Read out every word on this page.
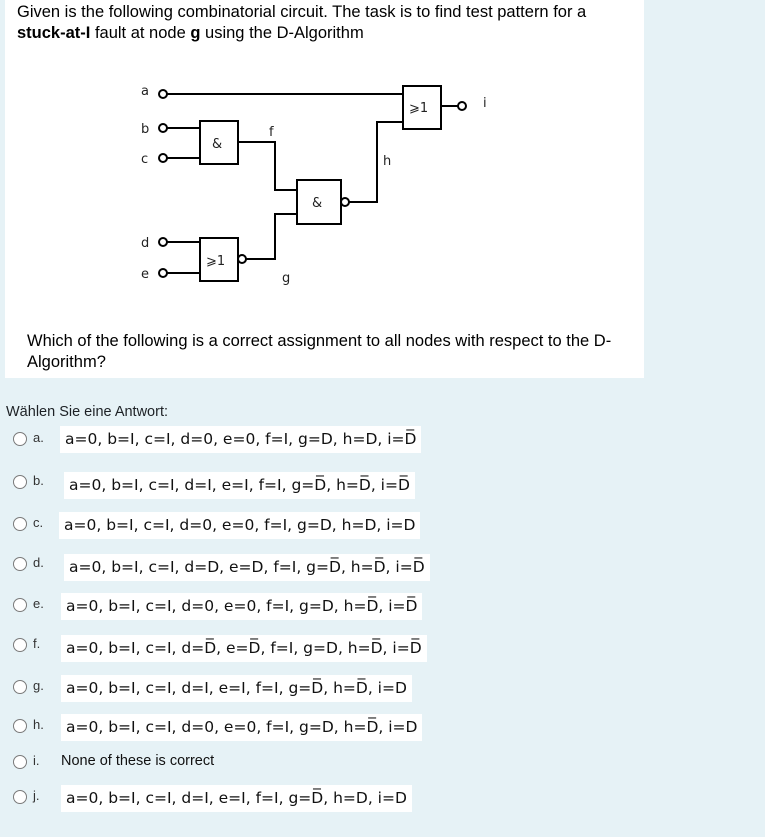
Given is the following combinatorial circuit. The task is to find test pattern for a stuck-at-I fault at node g using the D-Algorithm
a
b
c
d
e
f
g
h
i
&
&
⩾1
⩾1
Which of the following is a correct assignment to all nodes with respect to the D-Algorithm?
Wählen Sie eine Antwort:
a.	a=0, b=I, c=I, d=0, e=0, f=I, g=D, h=D, i=D̅
b.	a=0, b=I, c=I, d=I, e=I, f=I, g=D̅, h=D̅, i=D̅
c.	a=0, b=I, c=I, d=0, e=0, f=I, g=D, h=D, i=D
d.	a=0, b=I, c=I, d=D, e=D, f=I, g=D̅, h=D̅, i=D̅
e.	a=0, b=I, c=I, d=0, e=0, f=I, g=D, h=D̅, i=D̅
f.	a=0, b=I, c=I, d=D̅, e=D̅, f=I, g=D, h=D̅, i=D̅
g.	a=0, b=I, c=I, d=I, e=I, f=I, g=D̅, h=D̅, i=D
h.	a=0, b=I, c=I, d=0, e=0, f=I, g=D, h=D̅, i=D
i.	None of these is correct
j.	a=0, b=I, c=I, d=I, e=I, f=I, g=D̅, h=D, i=D
